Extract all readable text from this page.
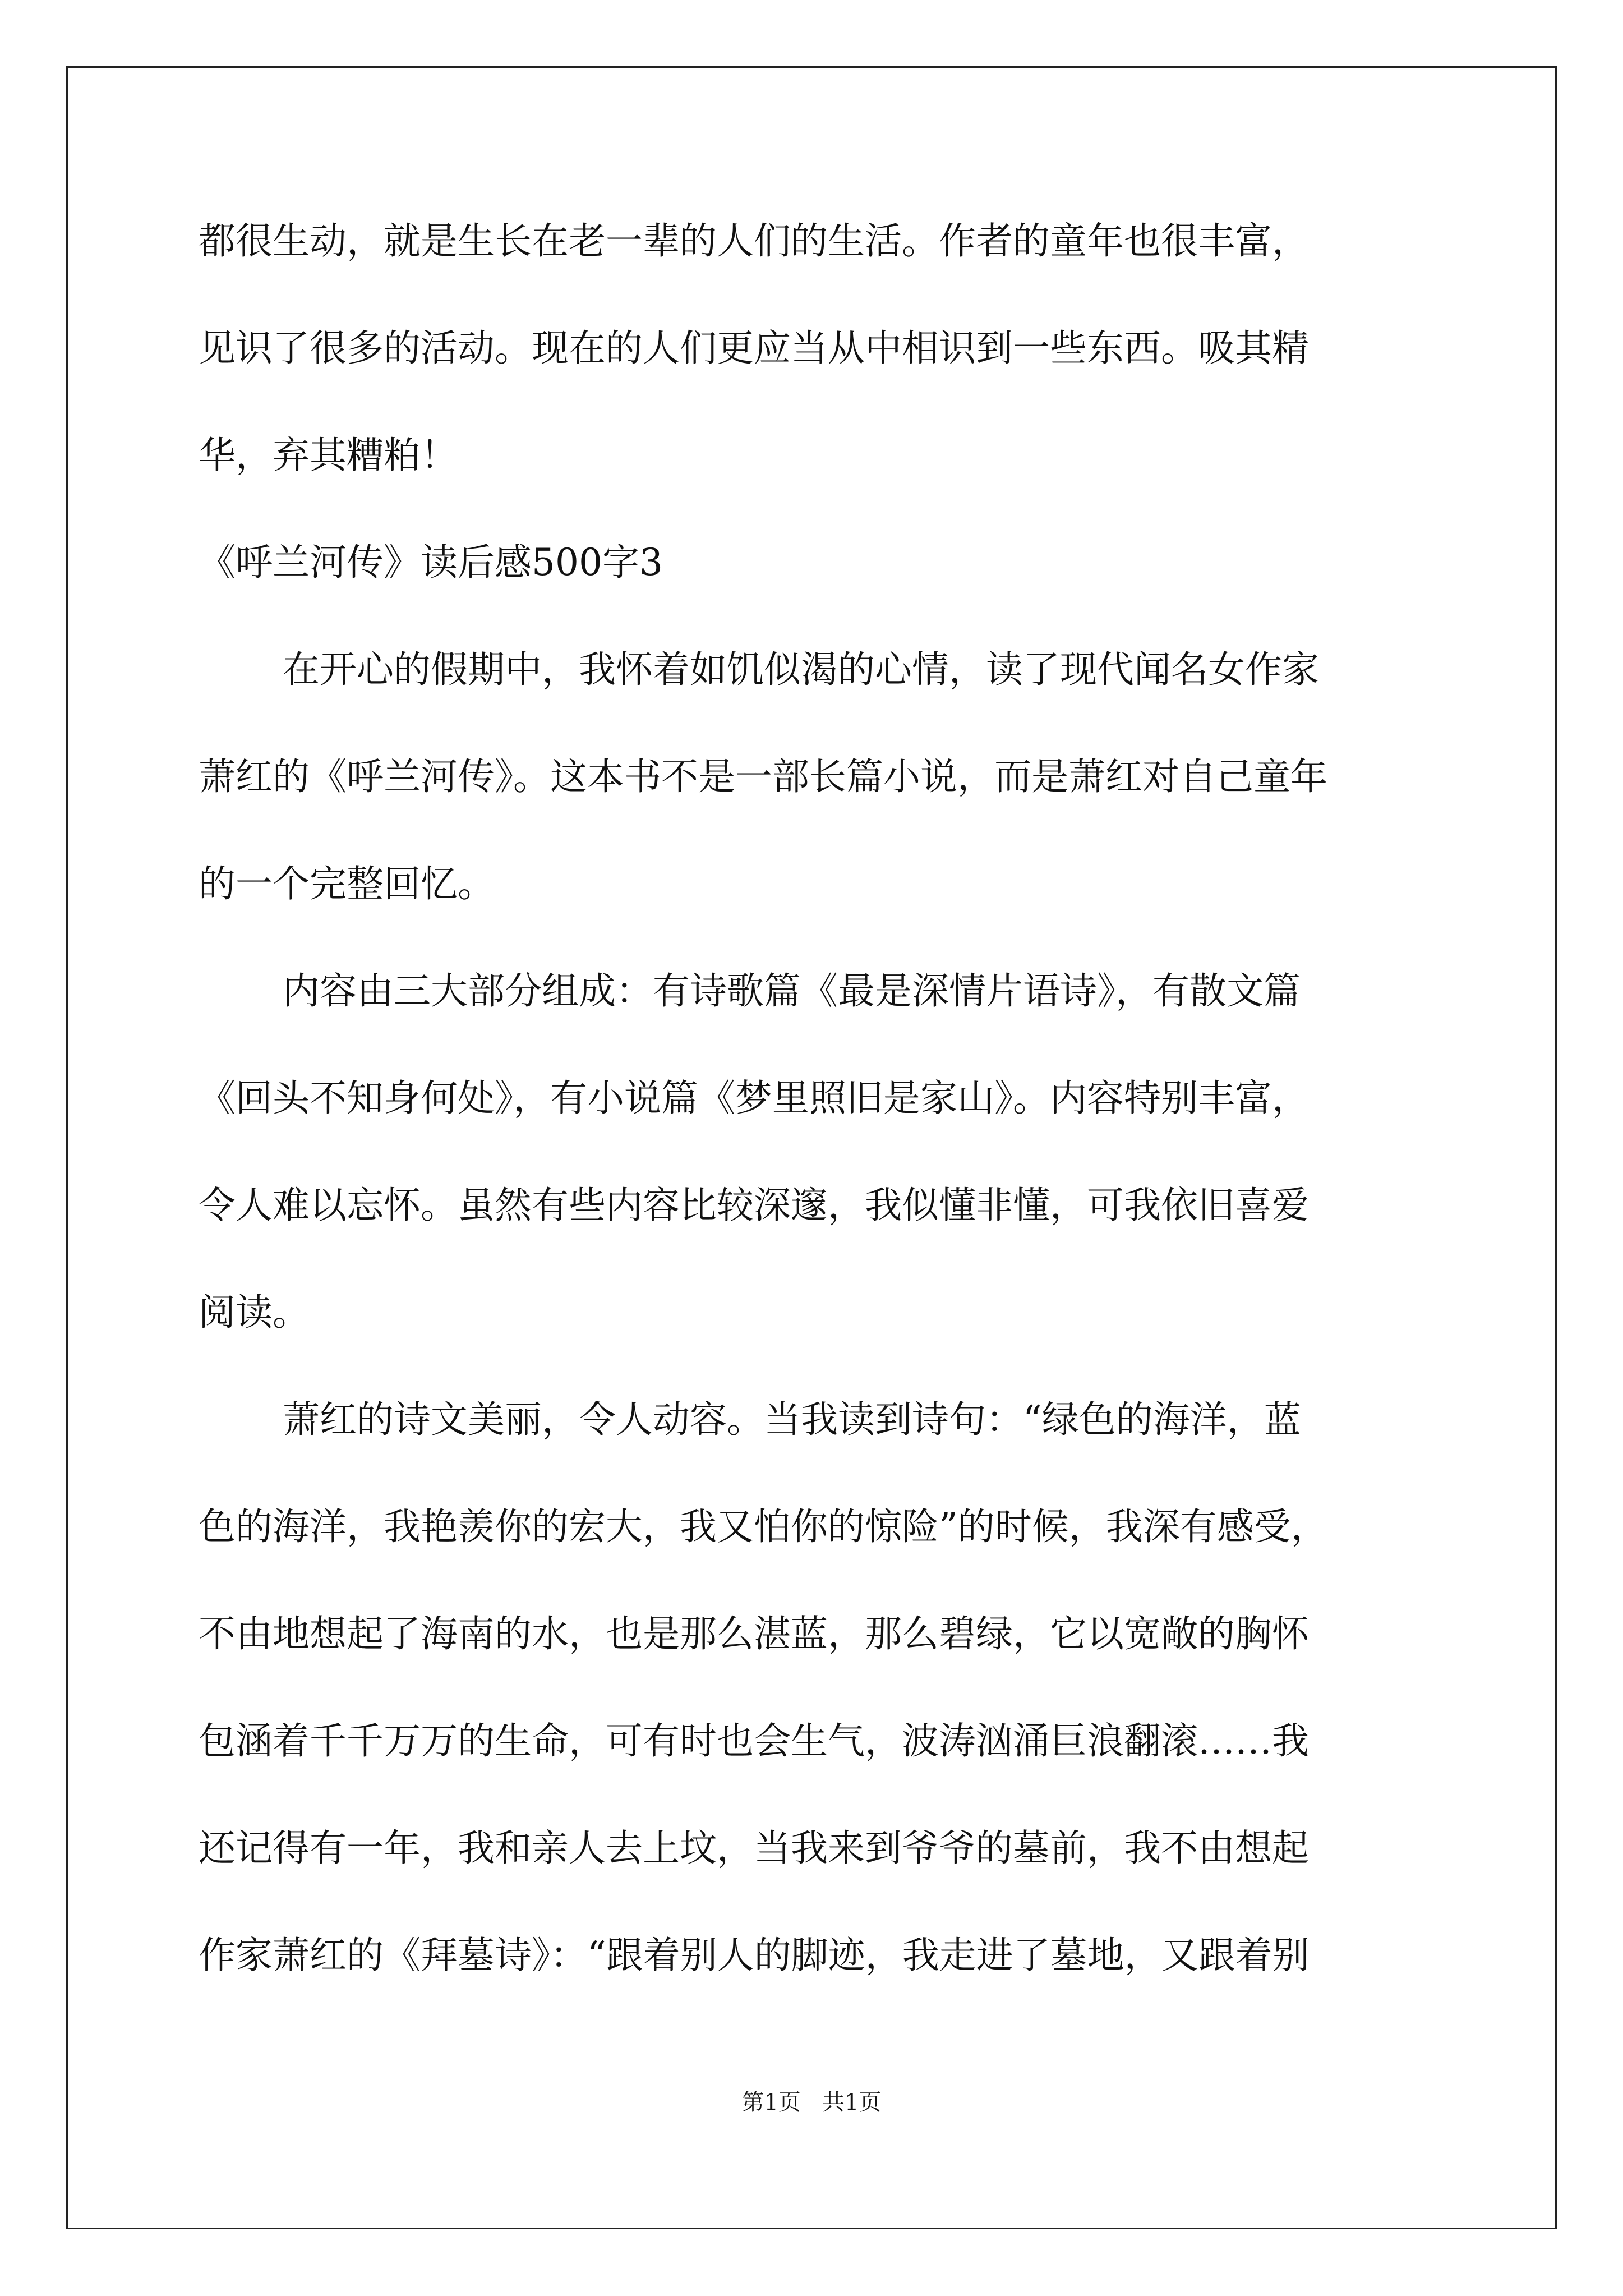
都很生动，就是生长在老一辈的人们的生活。作者的童年也很丰富，
见识了很多的活动。现在的人们更应当从中相识到一些东西。吸其精
华，弃其糟粕！
《呼兰河传》读后感500字3
在开心的假期中，我怀着如饥似渴的心情，读了现代闻名女作家
萧红的《呼兰河传》。这本书不是一部长篇小说，而是萧红对自己童年
的一个完整回忆。
内容由三大部分组成：有诗歌篇《最是深情片语诗》，有散文篇
《回头不知身何处》，有小说篇《梦里照旧是家山》。内容特别丰富，
令人难以忘怀。虽然有些内容比较深邃，我似懂非懂，可我依旧喜爱
阅读。
萧红的诗文美丽，令人动容。当我读到诗句：“绿色的海洋，蓝
色的海洋，我艳羡你的宏大，我又怕你的惊险”的时候，我深有感受，
不由地想起了海南的水，也是那么湛蓝，那么碧绿，它以宽敞的胸怀
包涵着千千万万的生命，可有时也会生气，波涛汹涌巨浪翻滚……我
还记得有一年，我和亲人去上坟，当我来到爷爷的墓前，我不由想起
作家萧红的《拜墓诗》：“跟着别人的脚迹，我走进了墓地，又跟着别
第1页   共1页
